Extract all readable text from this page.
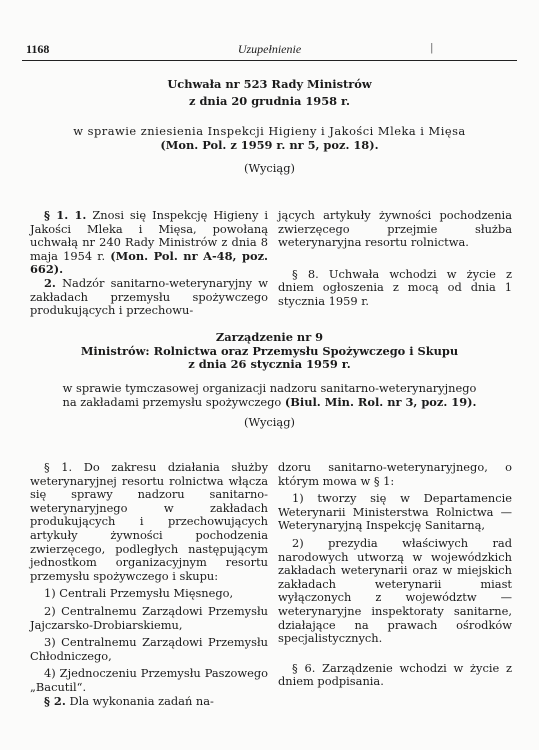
1168	Uzupełnienie	|
Uchwała nr 523 Rady Ministrów
z dnia 20 grudnia 1958 r.
w sprawie zniesienia Inspekcji Higieny i Jakości Mleka i Mięsa
(Mon. Pol. z 1959 r. nr 5, poz. 18).
(Wyciąg)

§ 1. 1. Znosi się Inspekcję Higieny i Jakości Mleka i Mięsa, powołaną uchwałą nr 240 Rady Ministrów z dnia 8 maja 1954 r. (Mon. Pol. nr A-48, poz. 662).

2. Nadzór sanitarno-weterynaryjny w zakładach przemysłu spożywczego produkujących i przechowu-

jących artykuły żywności pochodzenia zwierzęcego przejmie służba weterynaryjna resortu rolnictwa.

§ 8. Uchwała wchodzi w życie z dniem ogłoszenia z mocą od dnia 1 stycznia 1959 r.

Zarządzenie nr 9
Ministrów: Rolnictwa oraz Przemysłu Spożywczego i Skupu
z dnia 26 stycznia 1959 r.
w sprawie tymczasowej organizacji nadzoru sanitarno-weterynaryjnego
na zakładami przemysłu spożywczego (Biul. Min. Rol. nr 3, poz. 19).
(Wyciąg)

§ 1. Do zakresu działania służby weterynaryjnej resortu rolnictwa włącza się sprawy nadzoru sanitarno-weterynaryjnego w zakładach produkujących i przechowujących artykuły żywności pochodzenia zwierzęcego, podległych następującym jednostkom organizacyjnym resortu przemysłu spożywczego i skupu:

1) Centrali Przemysłu Mięsnego,

2) Centralnemu Zarządowi Przemysłu Jajczarsko-Drobiarskiemu,

3) Centralnemu Zarządowi Przemysłu Chłodniczego,

4) Zjednoczeniu Przemysłu Paszowego „Bacutil“.

§ 2. Dla wykonania zadań na-

dzoru sanitarno-weterynaryjnego, o którym mowa w § 1:

1) tworzy się w Departamencie Weterynarii Ministerstwa Rolnictwa — Weterynaryjną Inspekcję Sanitarną,

2) prezydia właściwych rad narodowych utworzą w wojewódzkich zakładach weterynarii oraz w miejskich zakładach weterynarii miast wyłączonych z województw — weterynaryjne inspektoraty sanitarne, działające na prawach ośrodków specjalistycznych.

§ 6. Zarządzenie wchodzi w życie z dniem podpisania.
